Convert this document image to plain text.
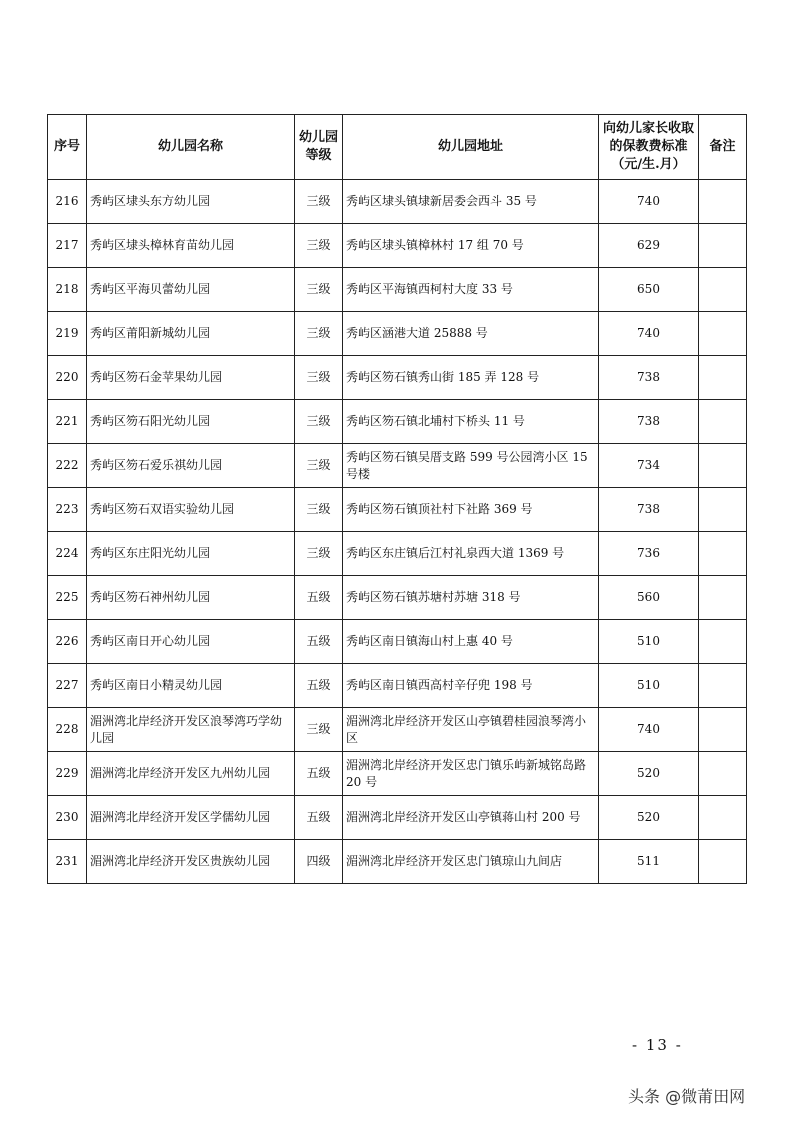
序号	幼儿园名称	幼儿园等级	幼儿园地址	向幼儿家长收取的保教费标准（元/生.月）	备注
216	秀屿区埭头东方幼儿园	三级	秀屿区埭头镇埭新居委会西斗 35 号	740	
217	秀屿区埭头樟林育苗幼儿园	三级	秀屿区埭头镇樟林村 17 组 70 号	629	
218	秀屿区平海贝蕾幼儿园	三级	秀屿区平海镇西柯村大度 33 号	650	
219	秀屿区莆阳新城幼儿园	三级	秀屿区涵港大道 25888 号	740	
220	秀屿区笏石金苹果幼儿园	三级	秀屿区笏石镇秀山街 185 弄 128 号	738	
221	秀屿区笏石阳光幼儿园	三级	秀屿区笏石镇北埔村下桥头 11 号	738	
222	秀屿区笏石爱乐祺幼儿园	三级	秀屿区笏石镇吴厝支路 599 号公园湾小区 15 号楼	734	
223	秀屿区笏石双语实验幼儿园	三级	秀屿区笏石镇顶社村下社路 369 号	738	
224	秀屿区东庄阳光幼儿园	三级	秀屿区东庄镇后江村礼泉西大道 1369 号	736	
225	秀屿区笏石神州幼儿园	五级	秀屿区笏石镇苏塘村苏塘 318 号	560	
226	秀屿区南日开心幼儿园	五级	秀屿区南日镇海山村上惠 40 号	510	
227	秀屿区南日小精灵幼儿园	五级	秀屿区南日镇西高村辛仔兜 198 号	510	
228	湄洲湾北岸经济开发区浪琴湾巧学幼儿园	三级	湄洲湾北岸经济开发区山亭镇碧桂园浪琴湾小区	740	
229	湄洲湾北岸经济开发区九州幼儿园	五级	湄洲湾北岸经济开发区忠门镇乐屿新城铭岛路 20 号	520	
230	湄洲湾北岸经济开发区学儒幼儿园	五级	湄洲湾北岸经济开发区山亭镇蒋山村 200 号	520	
231	湄洲湾北岸经济开发区贵族幼儿园	四级	湄洲湾北岸经济开发区忠门镇琼山九间店	511	
- 13 -
头条 @微莆田网
